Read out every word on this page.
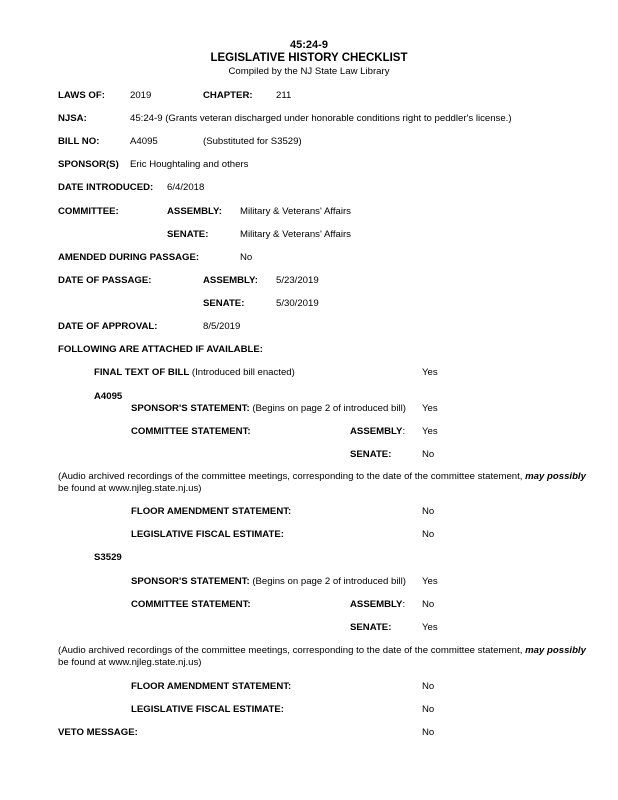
45:24-9
LEGISLATIVE HISTORY CHECKLIST
Compiled by the NJ State Law Library
LAWS OF:	2019	CHAPTER: 211
NJSA:	45:24-9 (Grants veteran discharged under honorable conditions right to peddler's license.)
BILL NO:	A4095	(Substituted for S3529)
SPONSOR(S) Eric Houghtaling and others
DATE INTRODUCED: 6/4/2018
COMMITTEE:	ASSEMBLY: Military & Veterans' Affairs
SENATE:	Military & Veterans' Affairs
AMENDED DURING PASSAGE:	No
DATE OF PASSAGE:	ASSEMBLY: 5/23/2019
SENATE:	5/30/2019
DATE OF APPROVAL:	8/5/2019
FOLLOWING ARE ATTACHED IF AVAILABLE:
FINAL TEXT OF BILL (Introduced bill enacted)	Yes
A4095
SPONSOR'S STATEMENT: (Begins on page 2 of introduced bill) Yes
COMMITTEE STATEMENT:	ASSEMBLY: Yes
SENATE:	No
(Audio archived recordings of the committee meetings, corresponding to the date of the committee statement, may possibly
be found at www.njleg.state.nj.us)
FLOOR AMENDMENT STATEMENT:	No
LEGISLATIVE FISCAL ESTIMATE:	No
S3529
SPONSOR'S STATEMENT: (Begins on page 2 of introduced bill) Yes
COMMITTEE STATEMENT:	ASSEMBLY: No
SENATE:	Yes
(Audio archived recordings of the committee meetings, corresponding to the date of the committee statement, may possibly
be found at www.njleg.state.nj.us)
FLOOR AMENDMENT STATEMENT:	No
LEGISLATIVE FISCAL ESTIMATE:	No
VETO MESSAGE:	No
